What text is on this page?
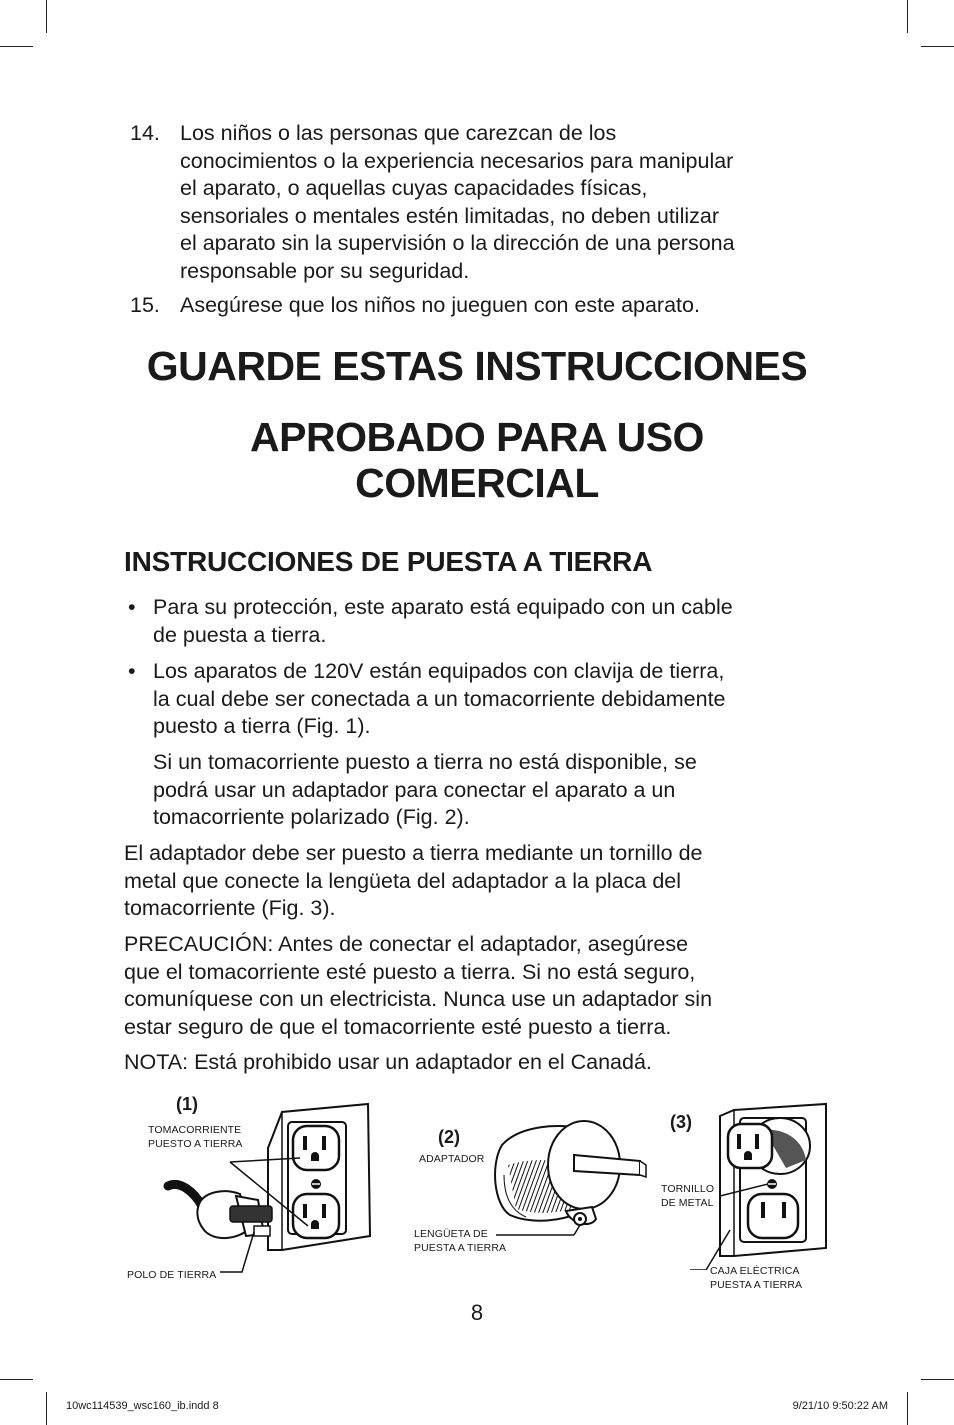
14. Los niños o las personas que carezcan de los
conocimientos o la experiencia necesarios para manipular
el aparato, o aquellas cuyas capacidades físicas,
sensoriales o mentales estén limitadas, no deben utilizar
el aparato sin la supervisión o la dirección de una persona
responsable por su seguridad.
15. Asegúrese que los niños no jueguen con este aparato.
GUARDE ESTAS INSTRUCCIONES
APROBADO PARA USO
COMERCIAL
INSTRUCCIONES DE PUESTA A TIERRA
• Para su protección, este aparato está equipado con un cable
de puesta a tierra.
• Los aparatos de 120V están equipados con clavija de tierra,
la cual debe ser conectada a un tomacorriente debidamente
puesto a tierra (Fig. 1).
Si un tomacorriente puesto a tierra no está disponible, se
podrá usar un adaptador para conectar el aparato a un
tomacorriente polarizado (Fig. 2).
El adaptador debe ser puesto a tierra mediante un tornillo de
metal que conecte la lengüeta del adaptador a la placa del
tomacorriente (Fig. 3).
PRECAUCIÓN: Antes de conectar el adaptador, asegúrese
que el tomacorriente esté puesto a tierra. Si no está seguro,
comuníquese con un electricista. Nunca use un adaptador sin
estar seguro de que el tomacorriente esté puesto a tierra.
NOTA: Está prohibido usar un adaptador en el Canadá.
(1)
TOMACORRIENTE
PUESTO A TIERRA
POLO DE TIERRA
(2)
ADAPTADOR
LENGÜETA DE
PUESTA A TIERRA
(3)
TORNILLO
DE METAL
CAJA ELÉCTRICA
PUESTA A TIERRA
8
10wc114539_wsc160_ib.indd 8	9/21/10 9:50:22 AM
